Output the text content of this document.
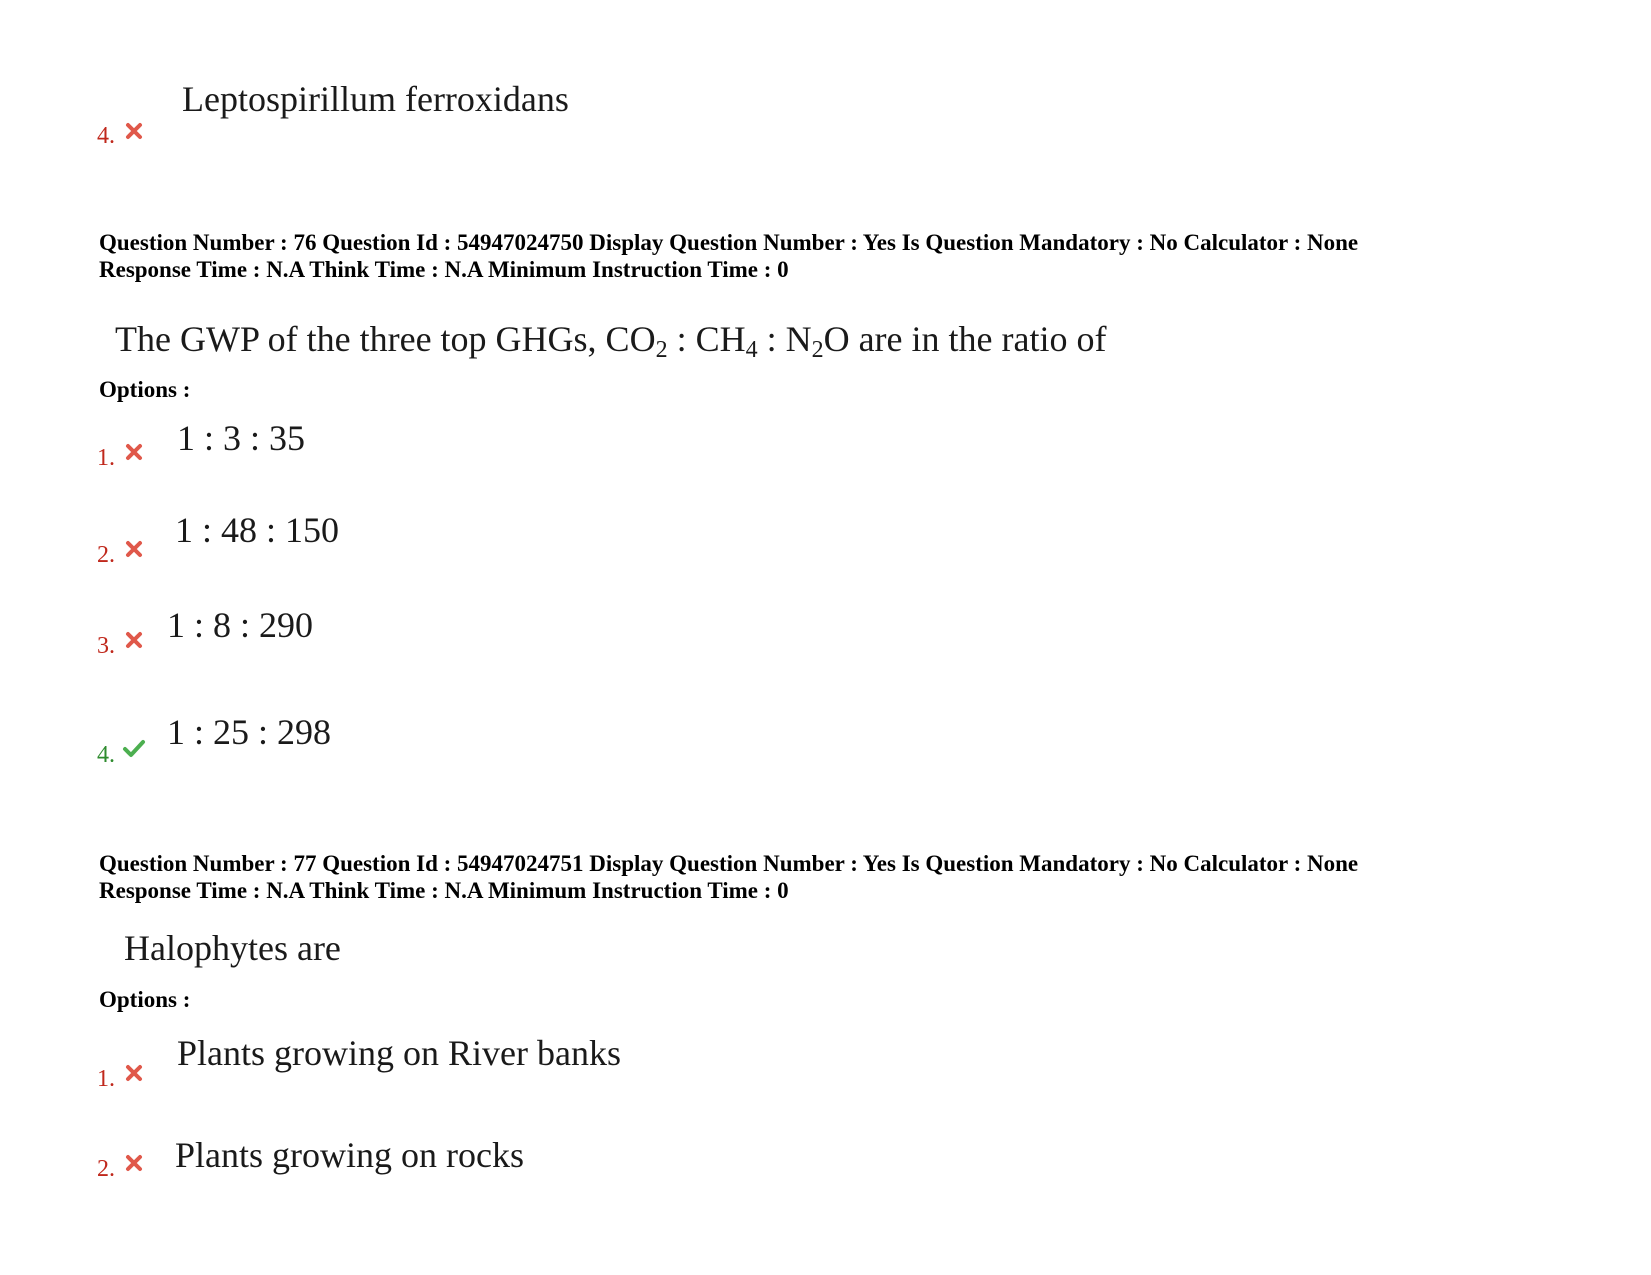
4.
Leptospirillum ferroxidans
Question Number : 76 Question Id : 54947024750 Display Question Number : Yes Is Question Mandatory : No Calculator : None
Response Time : N.A Think Time : N.A Minimum Instruction Time : 0
The GWP of the three top GHGs, $CO_2$ : $CH_4$ : $N_2O$ are in the ratio of
Options :
1. 1 : 3 : 35
2.
1 : 48 : 150
3.
1 : 8 : 290
4.
1 : 25 : 298
Question Number : 77 Question Id : 54947024751 Display Question Number : Yes Is Question Mandatory : No Calculator : None
Response Time : N.A Think Time : N.A Minimum Instruction Time : 0
Halophytes are
Options :
1.
Plants growing on River banks
2. Plants growing on rocks
